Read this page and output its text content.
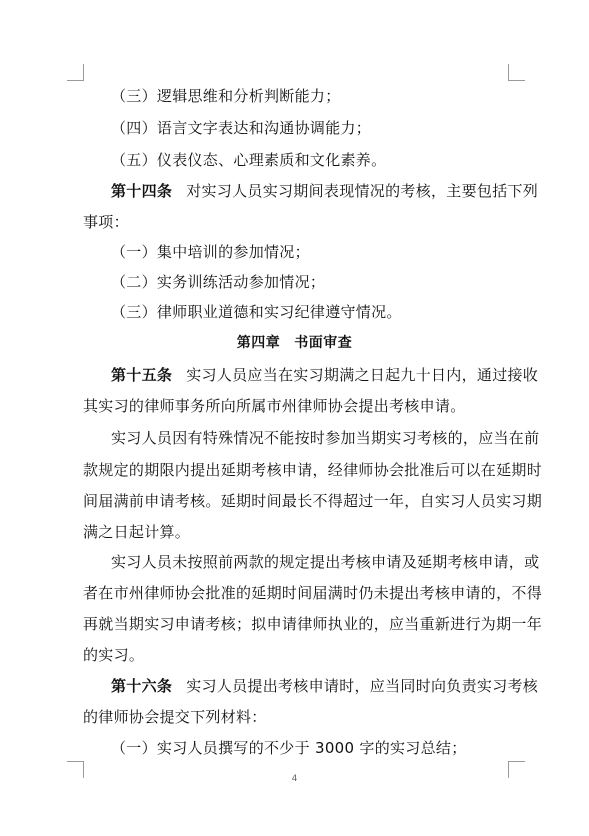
（三）逻辑思维和分析判断能力；
（四）语言文字表达和沟通协调能力；
（五）仪表仪态、心理素质和文化素养。
第十四条 对实习人员实习期间表现情况的考核，主要包括下列
事项：
（一）集中培训的参加情况；
（二）实务训练活动参加情况；
（三）律师职业道德和实习纪律遵守情况。
第四章 书面审查
第十五条 实习人员应当在实习期满之日起九十日内，通过接收
其实习的律师事务所向所属市州律师协会提出考核申请。
实习人员因有特殊情况不能按时参加当期实习考核的，应当在前
款规定的期限内提出延期考核申请，经律师协会批准后可以在延期时
间届满前申请考核。延期时间最长不得超过一年，自实习人员实习期
满之日起计算。
实习人员未按照前两款的规定提出考核申请及延期考核申请，或
者在市州律师协会批准的延期时间届满时仍未提出考核申请的，不得
再就当期实习申请考核；拟申请律师执业的，应当重新进行为期一年
的实习。
第十六条 实习人员提出考核申请时，应当同时向负责实习考核
的律师协会提交下列材料：
（一）实习人员撰写的不少于 3000 字的实习总结；
4
